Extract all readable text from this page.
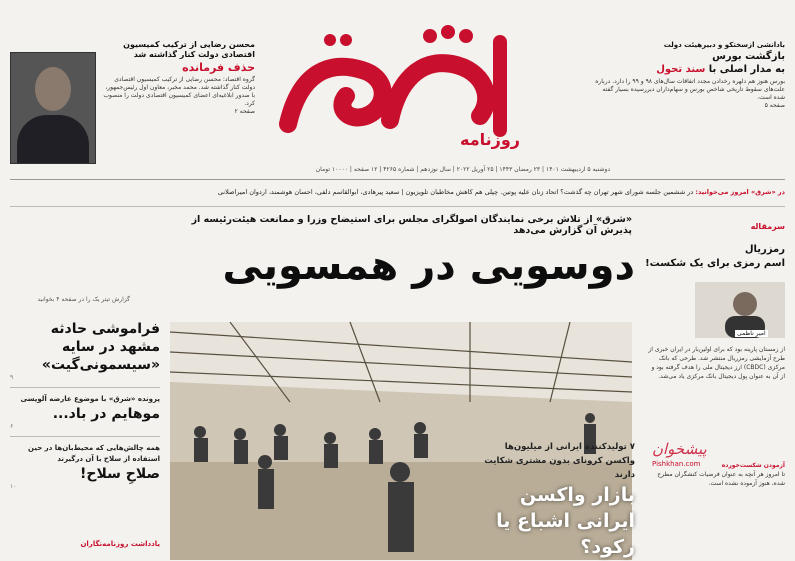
روزنامه
محسن رضایی از ترکیب کمیسیون اقتصادی دولت کنار گذاشته شد
حذف فرمانده
گروه اقتصاد: محسن رضایی از ترکیب کمیسیون اقتصادی دولت کنار گذاشته شد. محمد مخبر، معاون اول رئیس‌جمهور، با صدور ابلاغیه‌ای اعضای کمیسیون اقتصادی دولت را منصوب کرد.
صفحه ۲
بادانشی ازسختکو و دبیرهیئت دولت
بازگشت بورس
به مدار اصلی با سند تحول
بورس هنوز هم دلهره رخدادن مجدد اتفاقات سال‌های ۹۸ و ۹۹ را دارد. درباره علت‌های سقوط تاریخی شاخص بورس و سهام‌داران دیر‌رسیده بسیار گفته شده است.
صفحه ۵
دوشنبه ۵ اردیبهشت ۱۴۰۱ | ۲۳ رمضان ۱۴۴۳ | ۲۵ آوریل ۲۰۲۲ | سال نوزدهم | شماره ۴۲۶۵ | ۱۲ صفحه | ۱۰۰۰۰ تومان
در «شرق» امروز می‌خوانید: در ششمین جلسه شورای شهر تهران چه گذشت؟ اتحاد زنان علیه پوتین. چپلی هم کاهش مخاطبان تلویزیون | سعید پیرهادی، ابوالقاسم دلفی، احسان هوشمند، اردوان امیراصلانی
«شرق» از تلاش برخی نمایندگان اصولگرای مجلس برای استیضاح وزرا و ممانعت هیئت‌رئیسه از پذیرش آن گزارش می‌دهد
دوسویی در همسویی
گزارش تیتر یک را در صفحه ۴ بخوانید
۷ تولیدکننده ایرانی از میلیون‌ها واکسن کرونای بدون مشتری شکایت دارند
بازار واکسن ایرانی اشباع یا رکود؟
فراموشی حادثه مشهد در سایه «سیسمونی‌گیت»
۹
پرونده «شرق» با موضوع عارضه آلوپسی
موهایم در باد...
۶
همه چالش‌هایی که محیط‌بان‌ها در حین استفاده از سلاح با آن درگیرند
صلاحِ سلاح!
۱۰
یادداشت روزنامه‌نگاران
سرمقاله
رمزریال
اسم رمزی برای یک شکست!
امیر ناظمی
از زمستان پارینه بود که برای اولین‌بار در ایران خبری از طرح آزمایشی رمزریال منتشر شد. طرحی که بانک مرکزی (CBDC) ارز دیجیتال ملی را هدف گرفته بود و از آن به عنوان پول دیجیتال بانک مرکزی یاد می‌شد.
آزمودن شکست‌خورده
تا امروز هر آنچه به عنوان فرضیات کنشگران مطرح شده، هنوز آزموده نشده است.
پیشخوان
Pishkhan.com
